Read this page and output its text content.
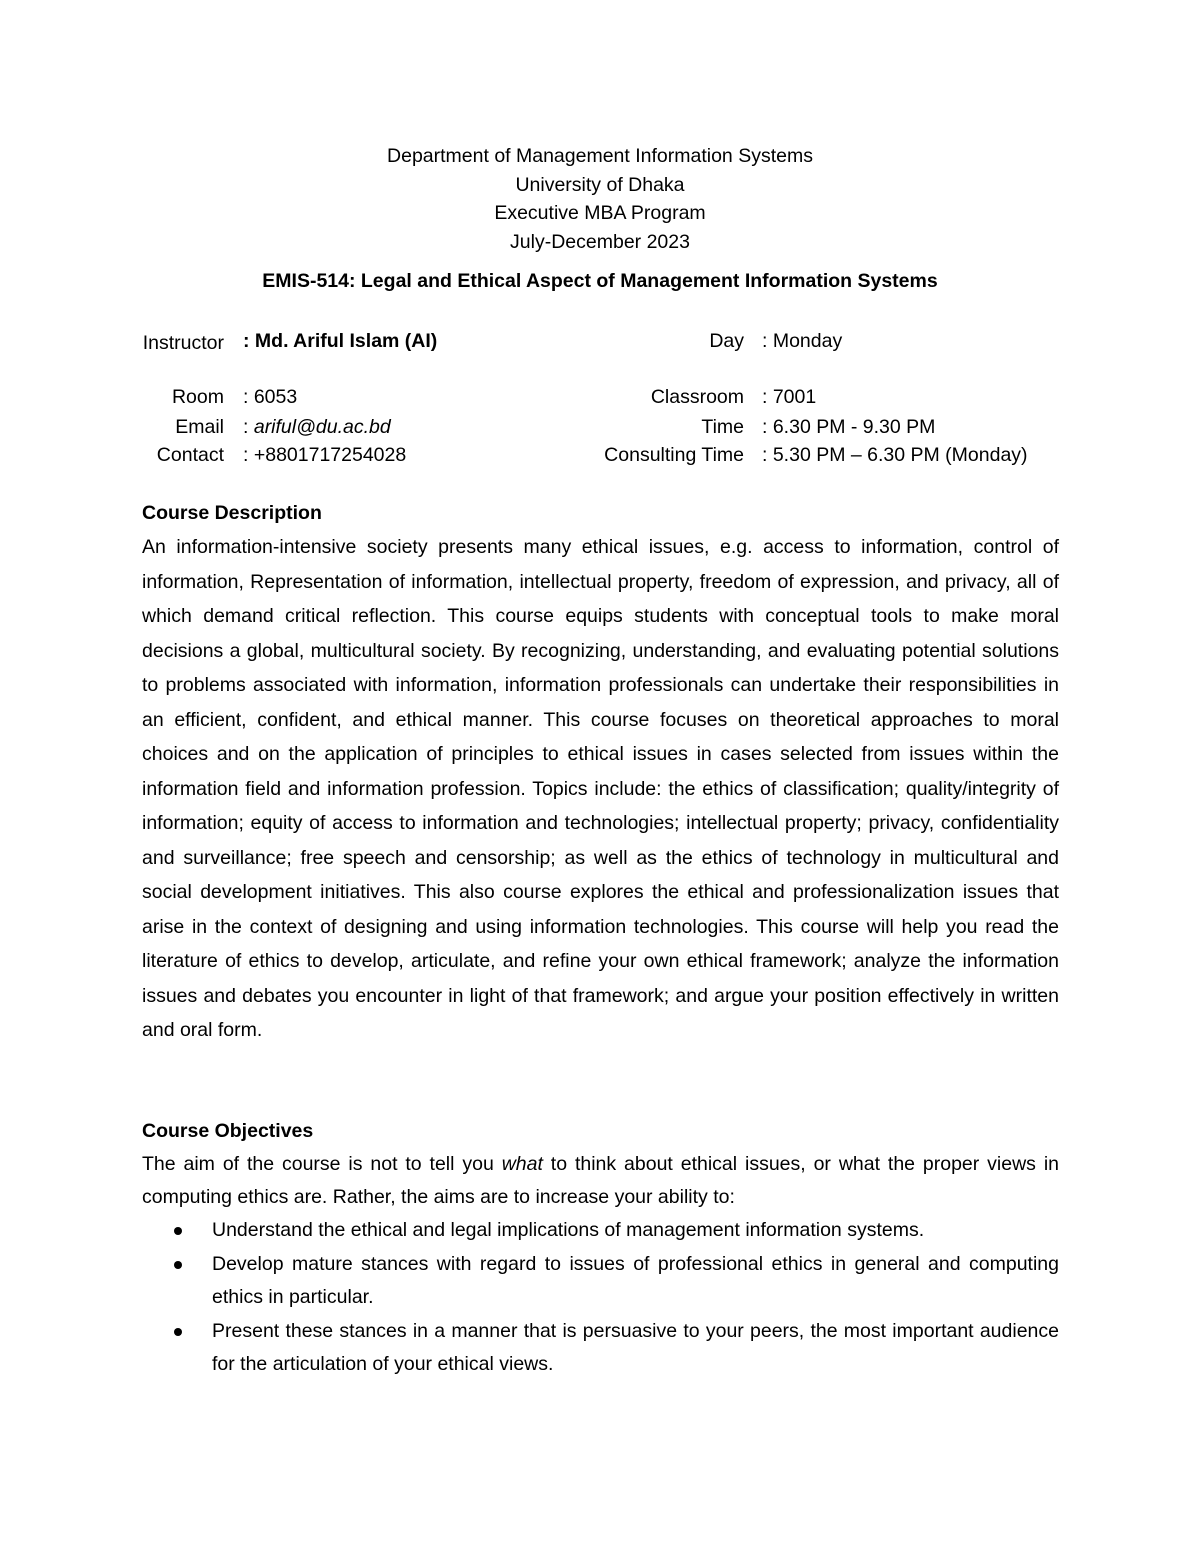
Department of Management Information Systems
University of Dhaka
Executive MBA Program
July-December 2023
EMIS-514: Legal and Ethical Aspect of Management Information Systems
Instructor : Md. Ariful Islam (AI)	Day : Monday
Room : 6053	Classroom : 7001
Email : ariful@du.ac.bd	Time : 6.30 PM - 9.30 PM
Contact : +8801717254028	Consulting Time : 5.30 PM – 6.30 PM (Monday)
Course Description
An information-intensive society presents many ethical issues, e.g. access to information, control of information, Representation of information, intellectual property, freedom of expression, and privacy, all of which demand critical reflection. This course equips students with conceptual tools to make moral decisions a global, multicultural society. By recognizing, understanding, and evaluating potential solutions to problems associated with information, information professionals can undertake their responsibilities in an efficient, confident, and ethical manner. This course focuses on theoretical approaches to moral choices and on the application of principles to ethical issues in cases selected from issues within the information field and information profession. Topics include: the ethics of classification; quality/integrity of information; equity of access to information and technologies; intellectual property; privacy, confidentiality and surveillance; free speech and censorship; as well as the ethics of technology in multicultural and social development initiatives. This also course explores the ethical and professionalization issues that arise in the context of designing and using information technologies. This course will help you read the literature of ethics to develop, articulate, and refine your own ethical framework; analyze the information issues and debates you encounter in light of that framework; and argue your position effectively in written and oral form.
Course Objectives
The aim of the course is not to tell you what to think about ethical issues, or what the proper views in computing ethics are. Rather, the aims are to increase your ability to:
Understand the ethical and legal implications of management information systems.
Develop mature stances with regard to issues of professional ethics in general and computing ethics in particular.
Present these stances in a manner that is persuasive to your peers, the most important audience for the articulation of your ethical views.
